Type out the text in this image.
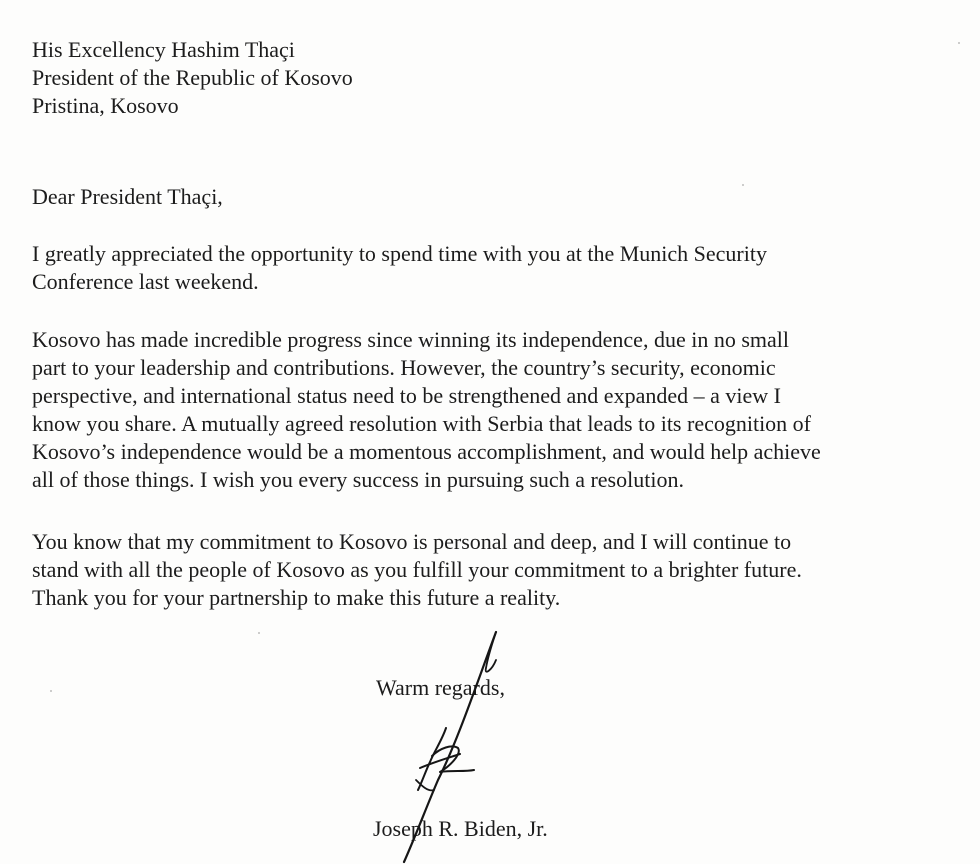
His Excellency Hashim Thaçi
President of the Republic of Kosovo
Pristina, Kosovo
Dear President Thaçi,
I greatly appreciated the opportunity to spend time with you at the Munich Security
Conference last weekend.
Kosovo has made incredible progress since winning its independence, due in no small
part to your leadership and contributions. However, the country’s security, economic
perspective, and international status need to be strengthened and expanded – a view I
know you share. A mutually agreed resolution with Serbia that leads to its recognition of
Kosovo’s independence would be a momentous accomplishment, and would help achieve
all of those things. I wish you every success in pursuing such a resolution.
You know that my commitment to Kosovo is personal and deep, and I will continue to
stand with all the people of Kosovo as you fulfill your commitment to a brighter future.
Thank you for your partnership to make this future a reality.
Warm regards,
Joseph R. Biden, Jr.
